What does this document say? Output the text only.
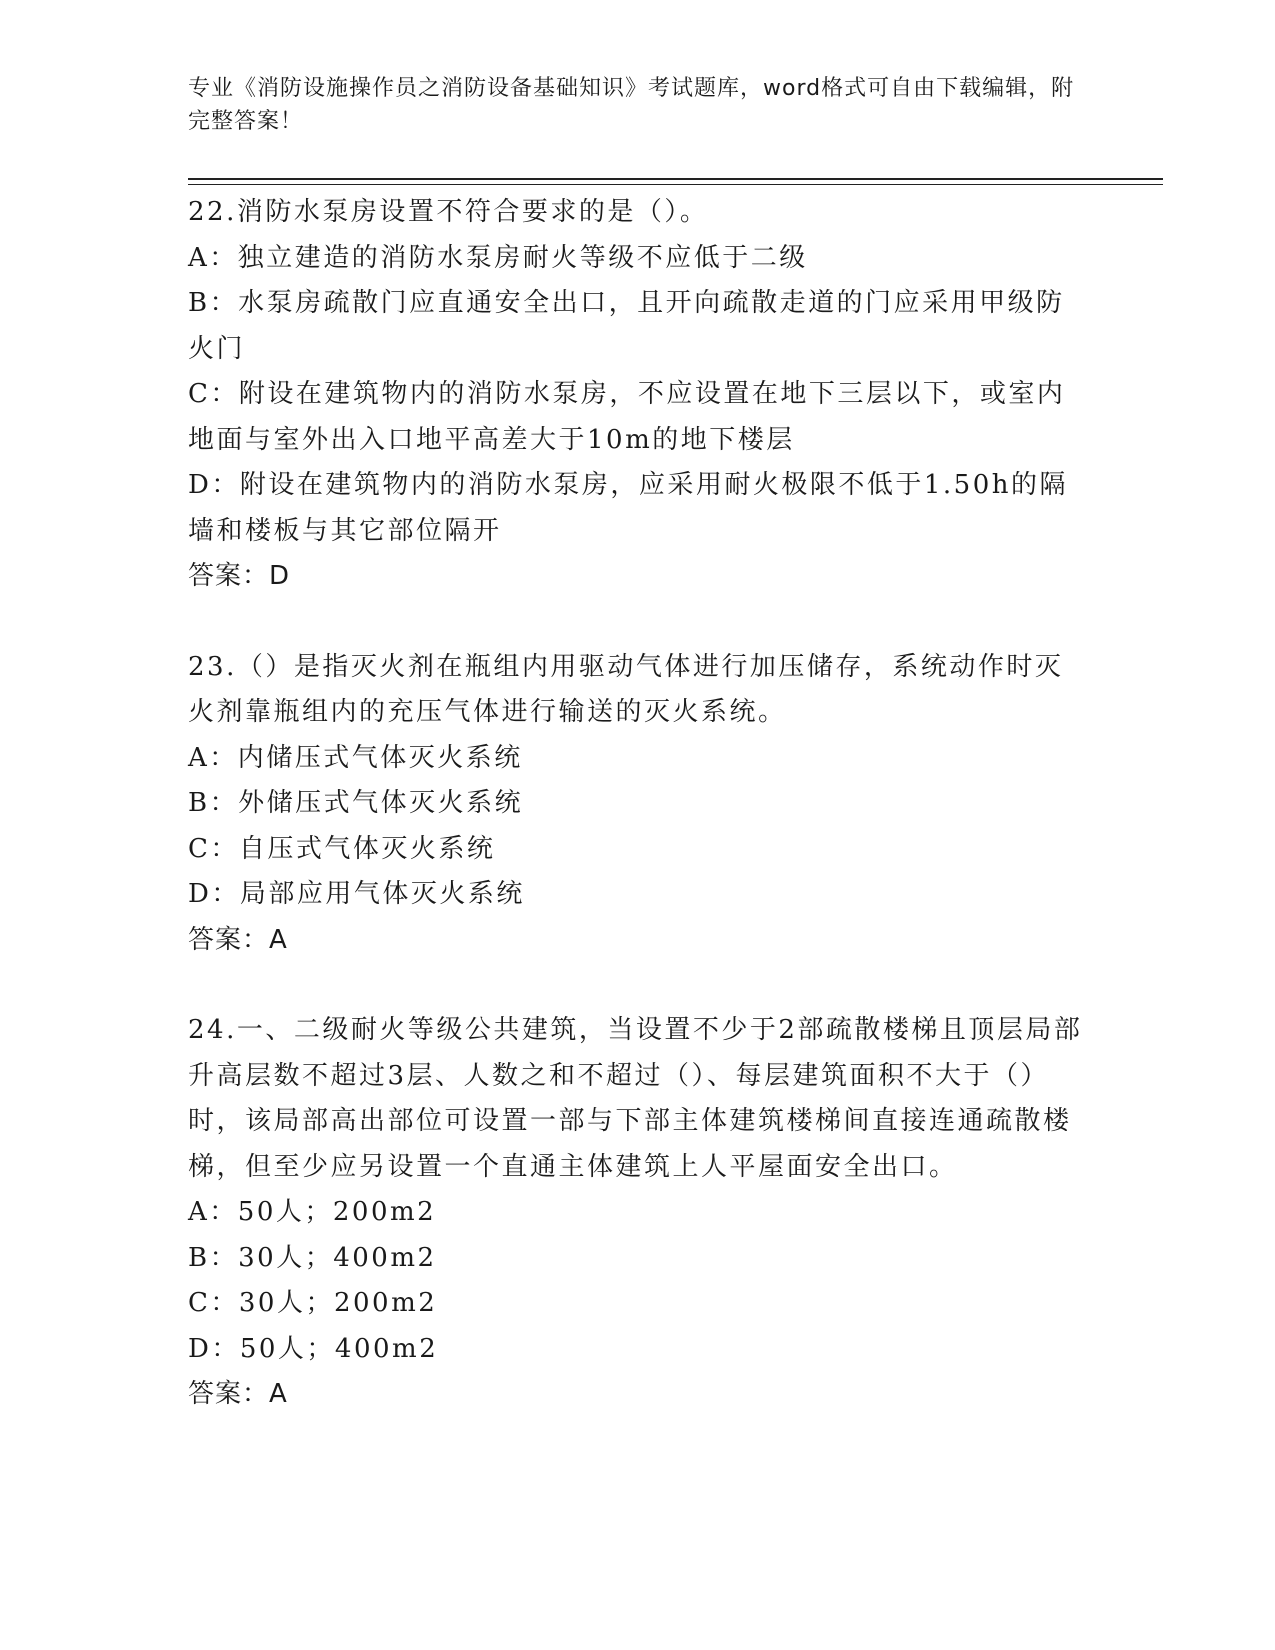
专业《消防设施操作员之消防设备基础知识》考试题库，word格式可自由下载编辑，附完整答案！

22.消防水泵房设置不符合要求的是（）。

A：独立建造的消防水泵房耐火等级不应低于二级

B：水泵房疏散门应直通安全出口，且开向疏散走道的门应采用甲级防火门

C：附设在建筑物内的消防水泵房，不应设置在地下三层以下，或室内地面与室外出入口地平高差大于10m的地下楼层

D：附设在建筑物内的消防水泵房，应采用耐火极限不低于1.50h的隔墙和楼板与其它部位隔开

答案：D

23.（）是指灭火剂在瓶组内用驱动气体进行加压储存，系统动作时灭火剂靠瓶组内的充压气体进行输送的灭火系统。

A：内储压式气体灭火系统

B：外储压式气体灭火系统

C：自压式气体灭火系统

D：局部应用气体灭火系统

答案：A

24.一、二级耐火等级公共建筑，当设置不少于2部疏散楼梯且顶层局部升高层数不超过3层、人数之和不超过（）、每层建筑面积不大于（）时，该局部高出部位可设置一部与下部主体建筑楼梯间直接连通疏散楼梯，但至少应另设置一个直通主体建筑上人平屋面安全出口。

A：50人；200m2

B：30人；400m2

C：30人；200m2

D：50人；400m2

答案：A
